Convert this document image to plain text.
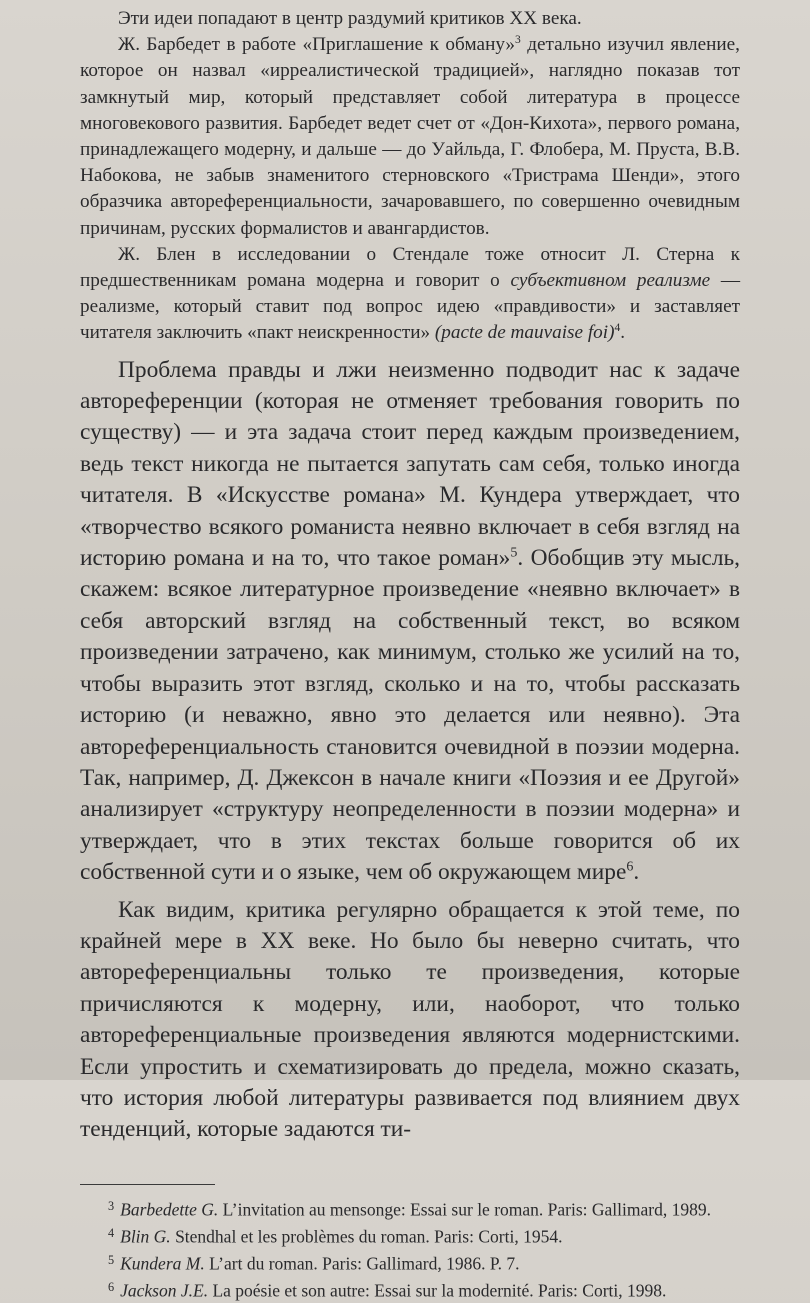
Эти идеи попадают в центр раздумий критиков XX века.

Ж. Барбедет в работе «Приглашение к обману»$^3$ детально изучил явление, которое он назвал «ирреалистической традицией», наглядно показав тот замкнутый мир, который представляет собой литература в процессе многовекового развития. Барбедет ведет счет от «Дон-Кихота», первого романа, принадлежащего модерну, и дальше — до Уайльда, Г. Флобера, М. Пруста, В.В. Набокова, не забыв знаменитого стерновского «Тристрама Шенди», этого образчика автореференциальности, зачаровавшего, по совершенно очевидным причинам, русских формалистов и авангардистов.

Ж. Блен в исследовании о Стендале тоже относит Л. Стерна к предшественникам романа модерна и говорит о субъективном реализме — реализме, который ставит под вопрос идею «правдивости» и заставляет читателя заключить «пакт неискренности» (pacte de mauvaise foi)$^4$.

Проблема правды и лжи неизменно подводит нас к задаче автореференции (которая не отменяет требования говорить по существу) — и эта задача стоит перед каждым произведением, ведь текст никогда не пытается запутать сам себя, только иногда читателя. В «Искусстве романа» М. Кундера утверждает, что «творчество всякого романиста неявно включает в себя взгляд на историю романа и на то, что такое роман»$^5$. Обобщив эту мысль, скажем: всякое литературное произведение «неявно включает» в себя авторский взгляд на собственный текст, во всяком произведении затрачено, как минимум, столько же усилий на то, чтобы выразить этот взгляд, сколько и на то, чтобы рассказать историю (и неважно, явно это делается или неявно). Эта автореференциальность становится очевидной в поэзии модерна. Так, например, Д. Джексон в начале книги «Поэзия и ее Другой» анализирует «структуру неопределенности в поэзии модерна» и утверждает, что в этих текстах больше говорится об их собственной сути и о языке, чем об окружающем мире$^6$.

Как видим, критика регулярно обращается к этой теме, по крайней мере в XX веке. Но было бы неверно считать, что автореференциальны только те произведения, которые причисляются к модерну, или, наоборот, что только автореференциальные произведения являются модернистскими. Если упростить и схематизировать до предела, можно сказать, что история любой литературы развивается под влиянием двух тенденций, которые задаются ти-

$^3$ Barbedette G. L’invitation au mensonge: Essai sur le roman. Paris: Gallimard, 1989.

$^4$ Blin G. Stendhal et les problèmes du roman. Paris: Corti, 1954.

$^5$ Kundera M. L’art du roman. Paris: Gallimard, 1986. P. 7.

$^6$ Jackson J.E. La poésie et son autre: Essai sur la modernité. Paris: Corti, 1998.
